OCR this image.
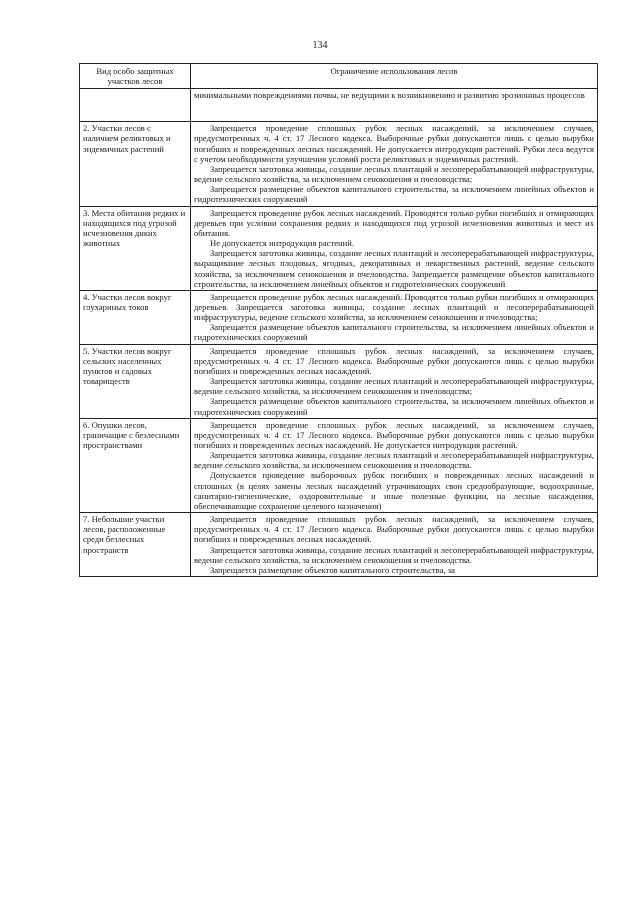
134
Вид особо защитных участков лесов	Ограничение использования лесов

	минимальными повреждениями почвы, не ведущими к возникновению и развитию эрозионных процессов

2. Участки лесов с наличием реликтовых и эндемичных растений	Запрещается проведение сплошных рубок лесных насаждений, за исключением случаев, предусмотренных ч. 4 ст. 17 Лесного кодекса. Выборочные рубки допускаются лишь с целью вырубки погибших и поврежденных лесных насаждений. Не допускается интродукция растений. Рубки леса ведутся с учетом необходимости улучшения условий роста реликтовых и эндемичных растений.

Запрещается заготовка живицы, создание лесных плантаций и лесоперерабатывающей инфраструктуры, ведение сельского хозяйства, за исключением сенокошения и пчеловодства;

Запрещается размещение объектов капитального строительства, за исключением линейных объектов и гидротехнических сооружений

3. Места обитания редких и находящихся под угрозой исчезновения диких животных	Запрещается проведение рубок лесных насаждений. Проводятся только рубки погибших и отмирающих деревьев при условии сохранения редких и находящихся под угрозой исчезновения животных и мест их обитания.

Не допускается интродукция растений.

Запрещается заготовка живицы, создание лесных плантаций и лесоперерабатывающей инфраструктуры, выращивание лесных плодовых, ягодных, декоративных и лекарственных растений, ведение сельского хозяйства, за исключением сенокошения и пчеловодства. Запрещается размещение объектов капитального строительства, за исключением линейных объектов и гидротехнических сооружений

4. Участки лесов вокруг глухариных токов	Запрещается проведение рубок лесных насаждений. Проводятся только рубки погибших и отмирающих деревьев. Запрещается заготовка живицы, создание лесных плантаций и лесоперерабатывающей инфраструктуры, ведение сельского хозяйства, за исключением сенокошения и пчеловодства;

Запрещается размещение объектов капитального строительства, за исключением линейных объектов и гидротехнических сооружений

5. Участки лесов вокруг сельских населенных пунктов и садовых товариществ	Запрещается проведение сплошных рубок лесных насаждений, за исключением случаев, предусмотренных ч. 4 ст. 17 Лесного кодекса. Выборочные рубки допускаются лишь с целью вырубки погибших и поврежденных лесных насаждений.

Запрещается заготовка живицы, создание лесных плантаций и лесоперерабатывающей инфраструктуры, ведение сельского хозяйства, за исключением сенокошения и пчеловодства;

Запрещается размещение объектов капитального строительства, за исключением линейных объектов и гидротехнических сооружений

6. Опушки лесов, граничащие с безлесными пространствами	Запрещается проведение сплошных рубок лесных насаждений, за исключением случаев, предусмотренных ч. 4 ст. 17 Лесного кодекса. Выборочные рубки допускаются лишь с целью вырубки погибших и поврежденных лесных насаждений. Не допускается интродукция растений.

Запрещается заготовка живицы, создание лесных плантаций и лесоперерабатывающей инфраструктуры, ведение сельского хозяйства, за исключением сенокошения и пчеловодства.

Допускается проведение выборочных рубок погибших и поврежденных лесных насаждений и сплошных (в целях замены лесных насаждений утрачивающих свои средообразующие, водоохранные, санитарно-гигиенические, оздоровительные и иные полезные функции, на лесные насаждения, обеспечивающие сохранение целевого назначения)

7. Небольшие участки лесов, расположенные среди безлесных пространств	Запрещается проведение сплошных рубок лесных насаждений, за исключением случаев, предусмотренных ч. 4 ст. 17 Лесного кодекса. Выборочные рубки допускаются лишь с целью вырубки погибших и поврежденных лесных насаждений.

Запрещается заготовка живицы, создание лесных плантаций и лесоперерабатывающей инфраструктуры, ведение сельского хозяйства, за исключением сенокошения и пчеловодства.

Запрещается размещение объектов капитального строительства, за
